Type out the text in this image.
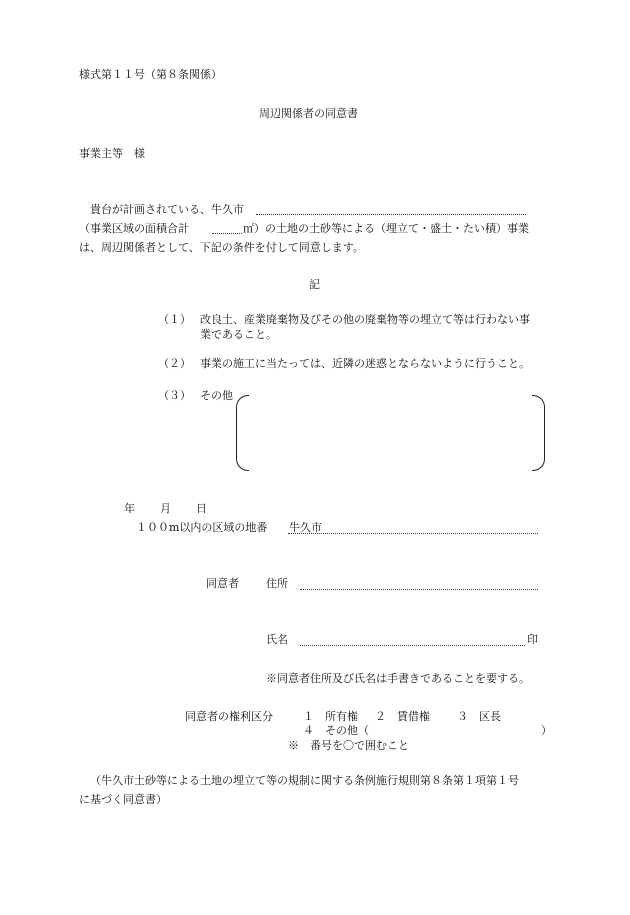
様式第１１号（第８条関係）
周辺関係者の同意書
事業主等　様
貴台が計画されている、牛久市
（事業区域の面積合計	㎡）の土地の土砂等による（埋立て・盛土・たい積）事業
は、周辺関係者として、下記の条件を付して同意します。
記
（１） 改良土、産業廃棄物及びその他の廃棄物等の埋立て等は行わない事
業であること。
（２） 事業の施工に当たっては、近隣の迷惑とならないように行うこと。
（３） その他
年 月 日
１００m以内の区域の地番 牛久市
同意者 住所
氏名	印
※同意者住所及び氏名は手書きであることを要する。
同意者の権利区分	１　所有権 ２　賃借権 ３　区長
４　その他（	）
※　番号を〇で囲むこと
（牛久市土砂等による土地の埋立て等の規制に関する条例施行規則第８条第１項第１号
に基づく同意書）
